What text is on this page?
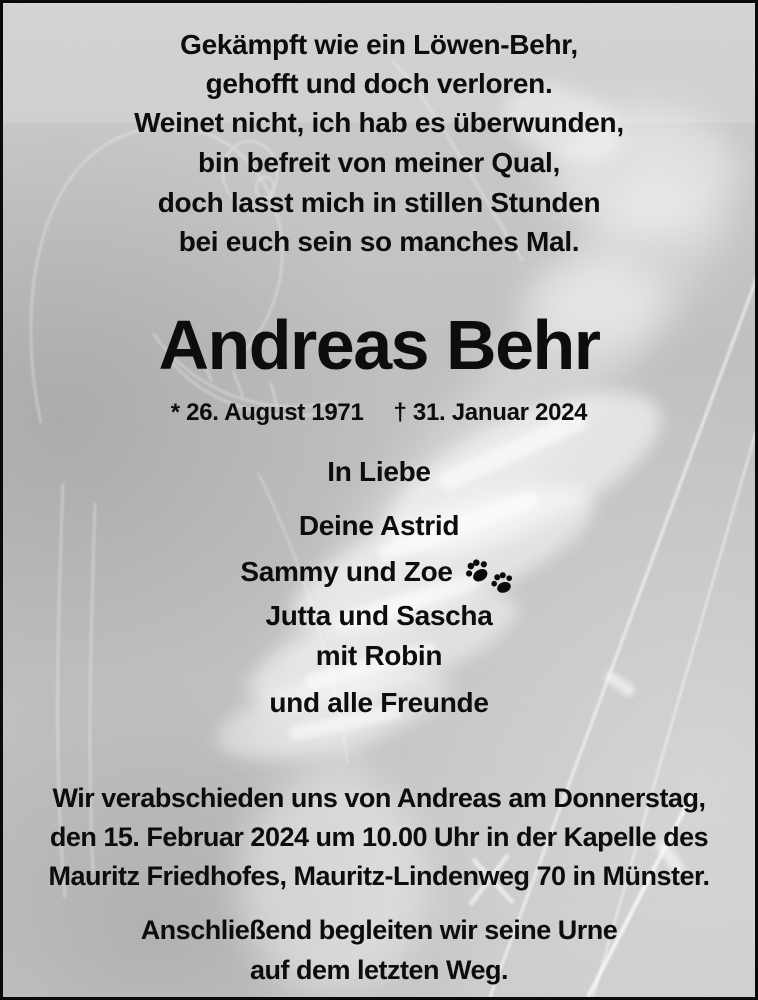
Gekämpft wie ein Löwen-Behr,
gehofft und doch verloren.
Weinet nicht, ich hab es überwunden,
bin befreit von meiner Qual,
doch lasst mich in stillen Stunden
bei euch sein so manches Mal.
Andreas Behr
* 26. August 1971 † 31. Januar 2024
In Liebe
Deine Astrid
Sammy und Zoe
Jutta und Sascha
mit Robin
und alle Freunde
Wir verabschieden uns von Andreas am Donnerstag,
den 15. Februar 2024 um 10.00 Uhr in der Kapelle des
Mauritz Friedhofes, Mauritz-Lindenweg 70 in Münster.
Anschließend begleiten wir seine Urne
auf dem letzten Weg.
